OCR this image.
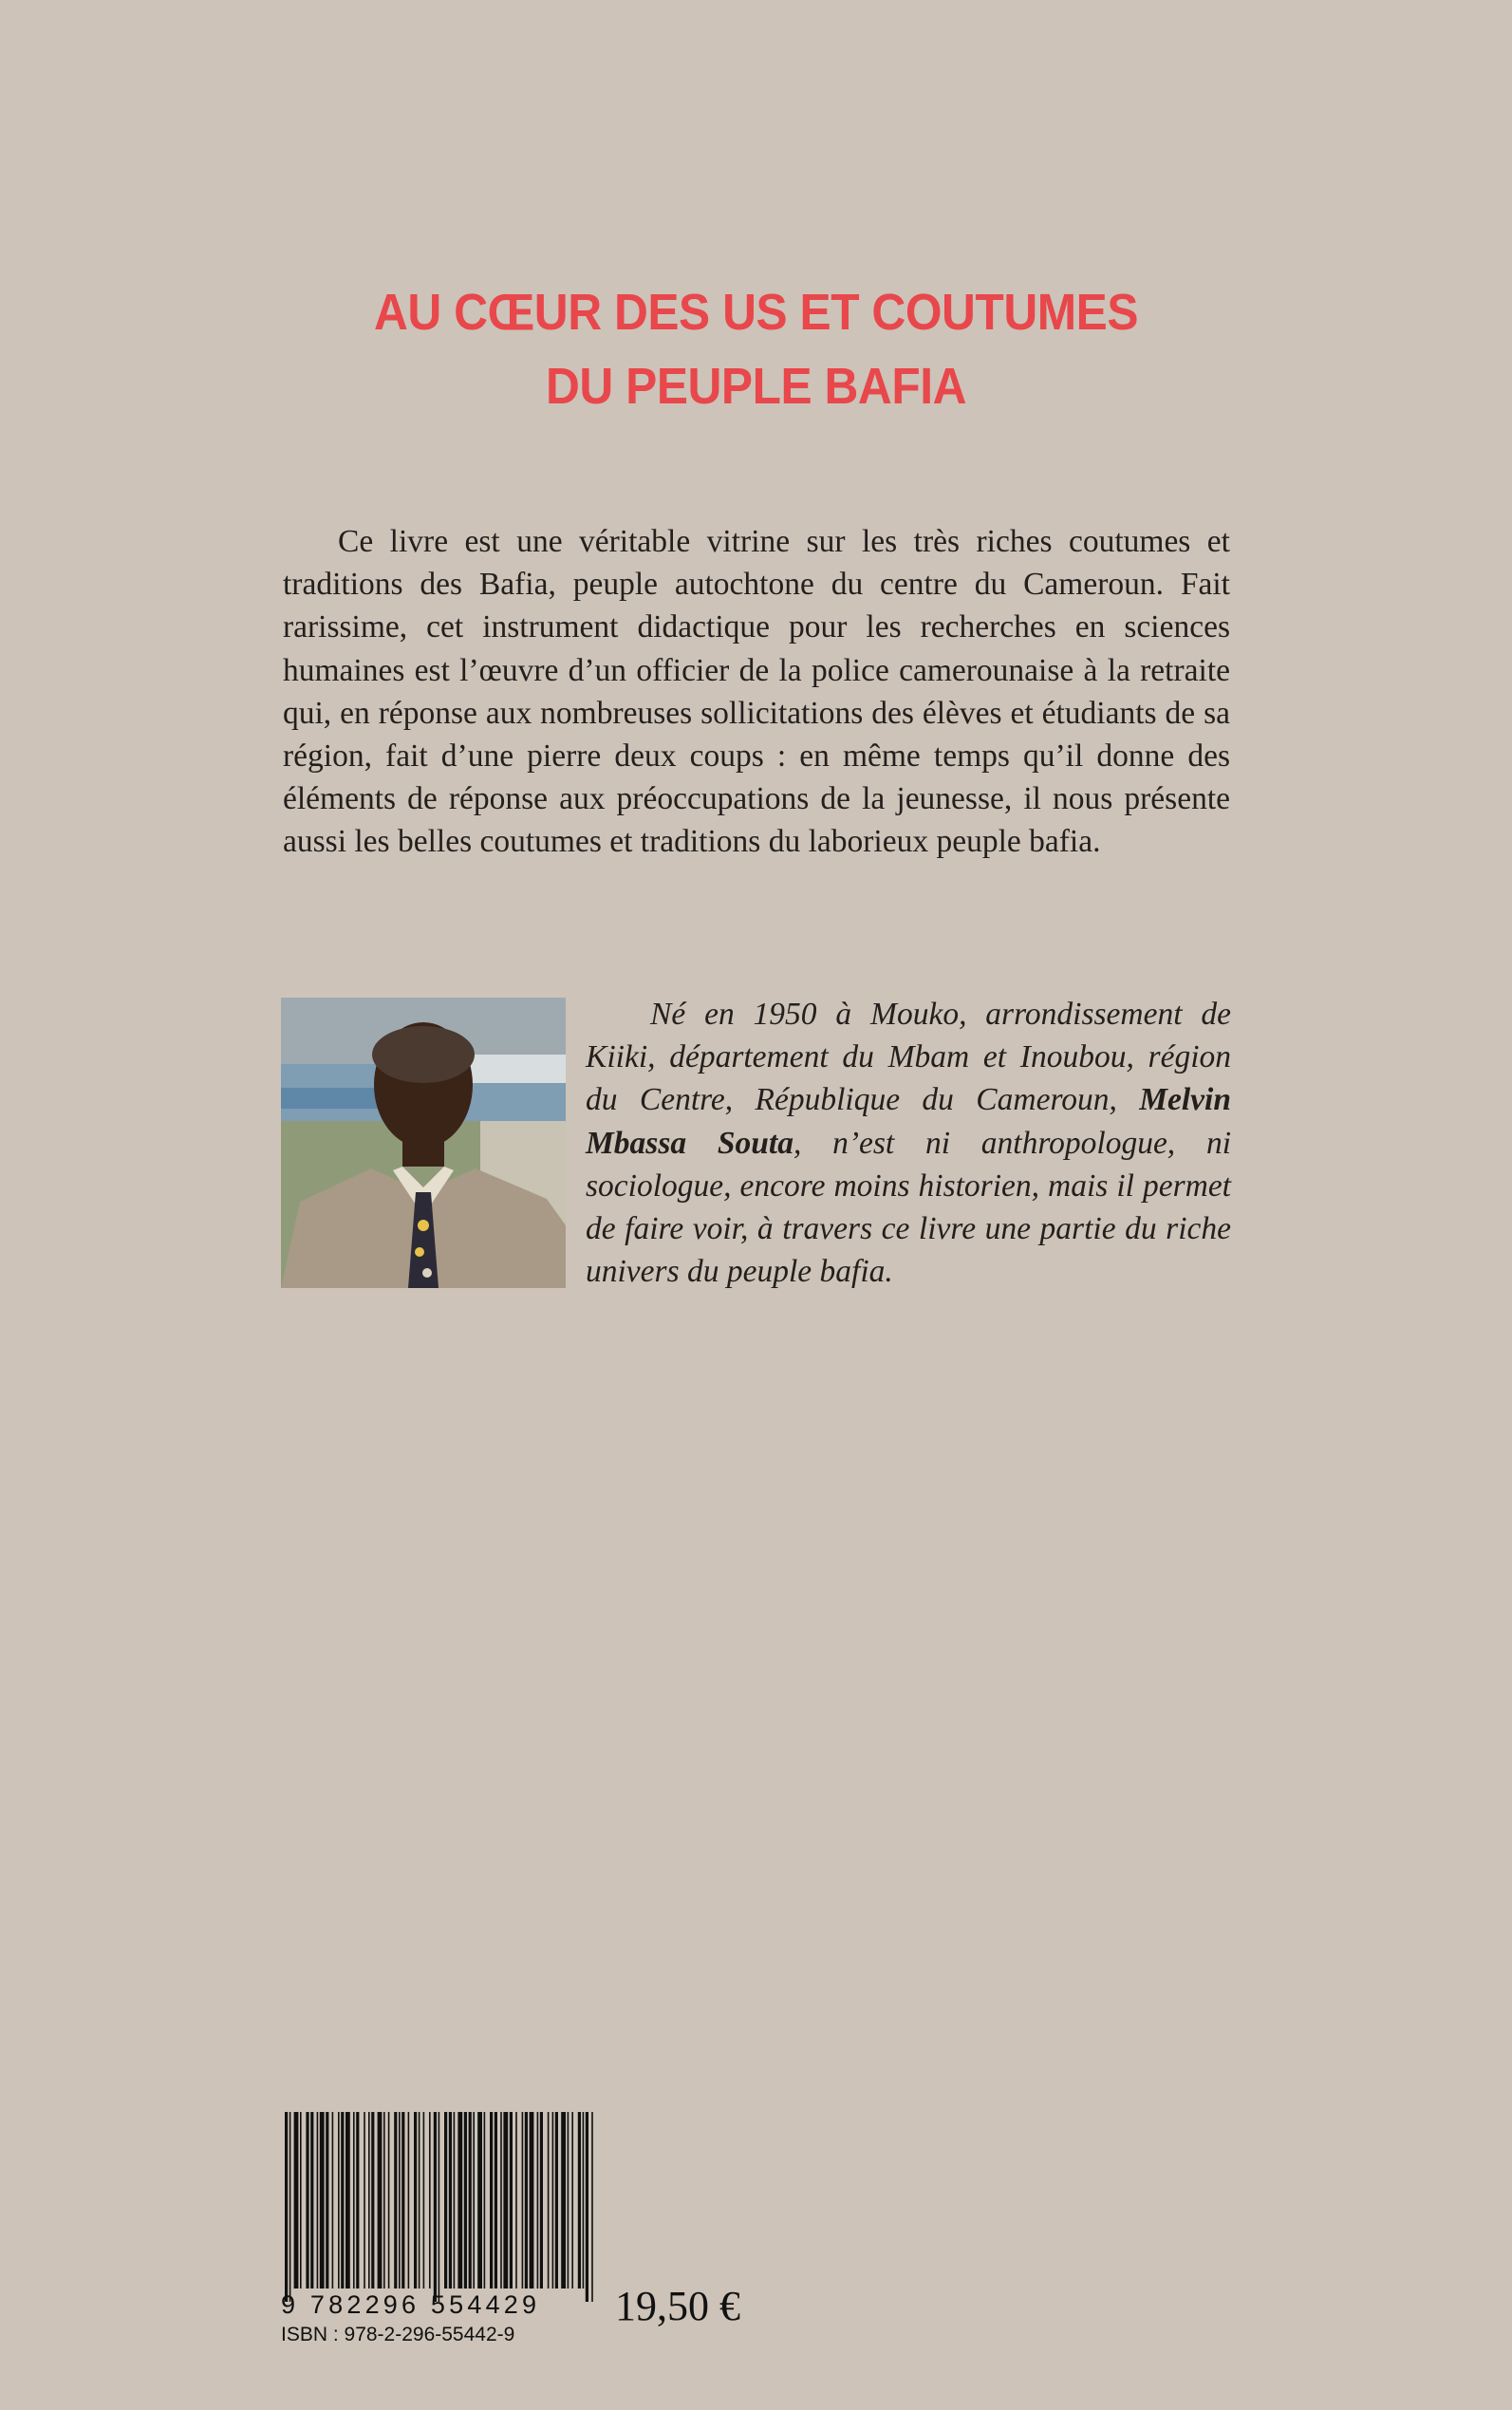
AU CŒUR DES US ET COUTUMES
DU PEUPLE BAFIA

Ce livre est une véritable vitrine sur les très riches coutumes et traditions des Bafia, peuple autochtone du centre du Cameroun. Fait rarissime, cet instrument didactique pour les recherches en sciences humaines est l’œuvre d’un officier de la police camerounaise à la retraite qui, en réponse aux nombreuses sollicitations des élèves et étudiants de sa région, fait d’une pierre deux coups : en même temps qu’il donne des éléments de réponse aux préoccupations de la jeunesse, il nous présente aussi les belles coutumes et traditions du laborieux peuple bafia.

Né en 1950 à Mouko, arrondissement de Kiiki, département du Mbam et Inoubou, région du Centre, République du Cameroun, Melvin Mbassa Souta, n’est ni anthropologue, ni sociologue, encore moins historien, mais il permet de faire voir, à travers ce livre une partie du riche univers du peuple bafia.

9 782296 554429
ISBN : 978-2-296-55442-9
19,50 €
